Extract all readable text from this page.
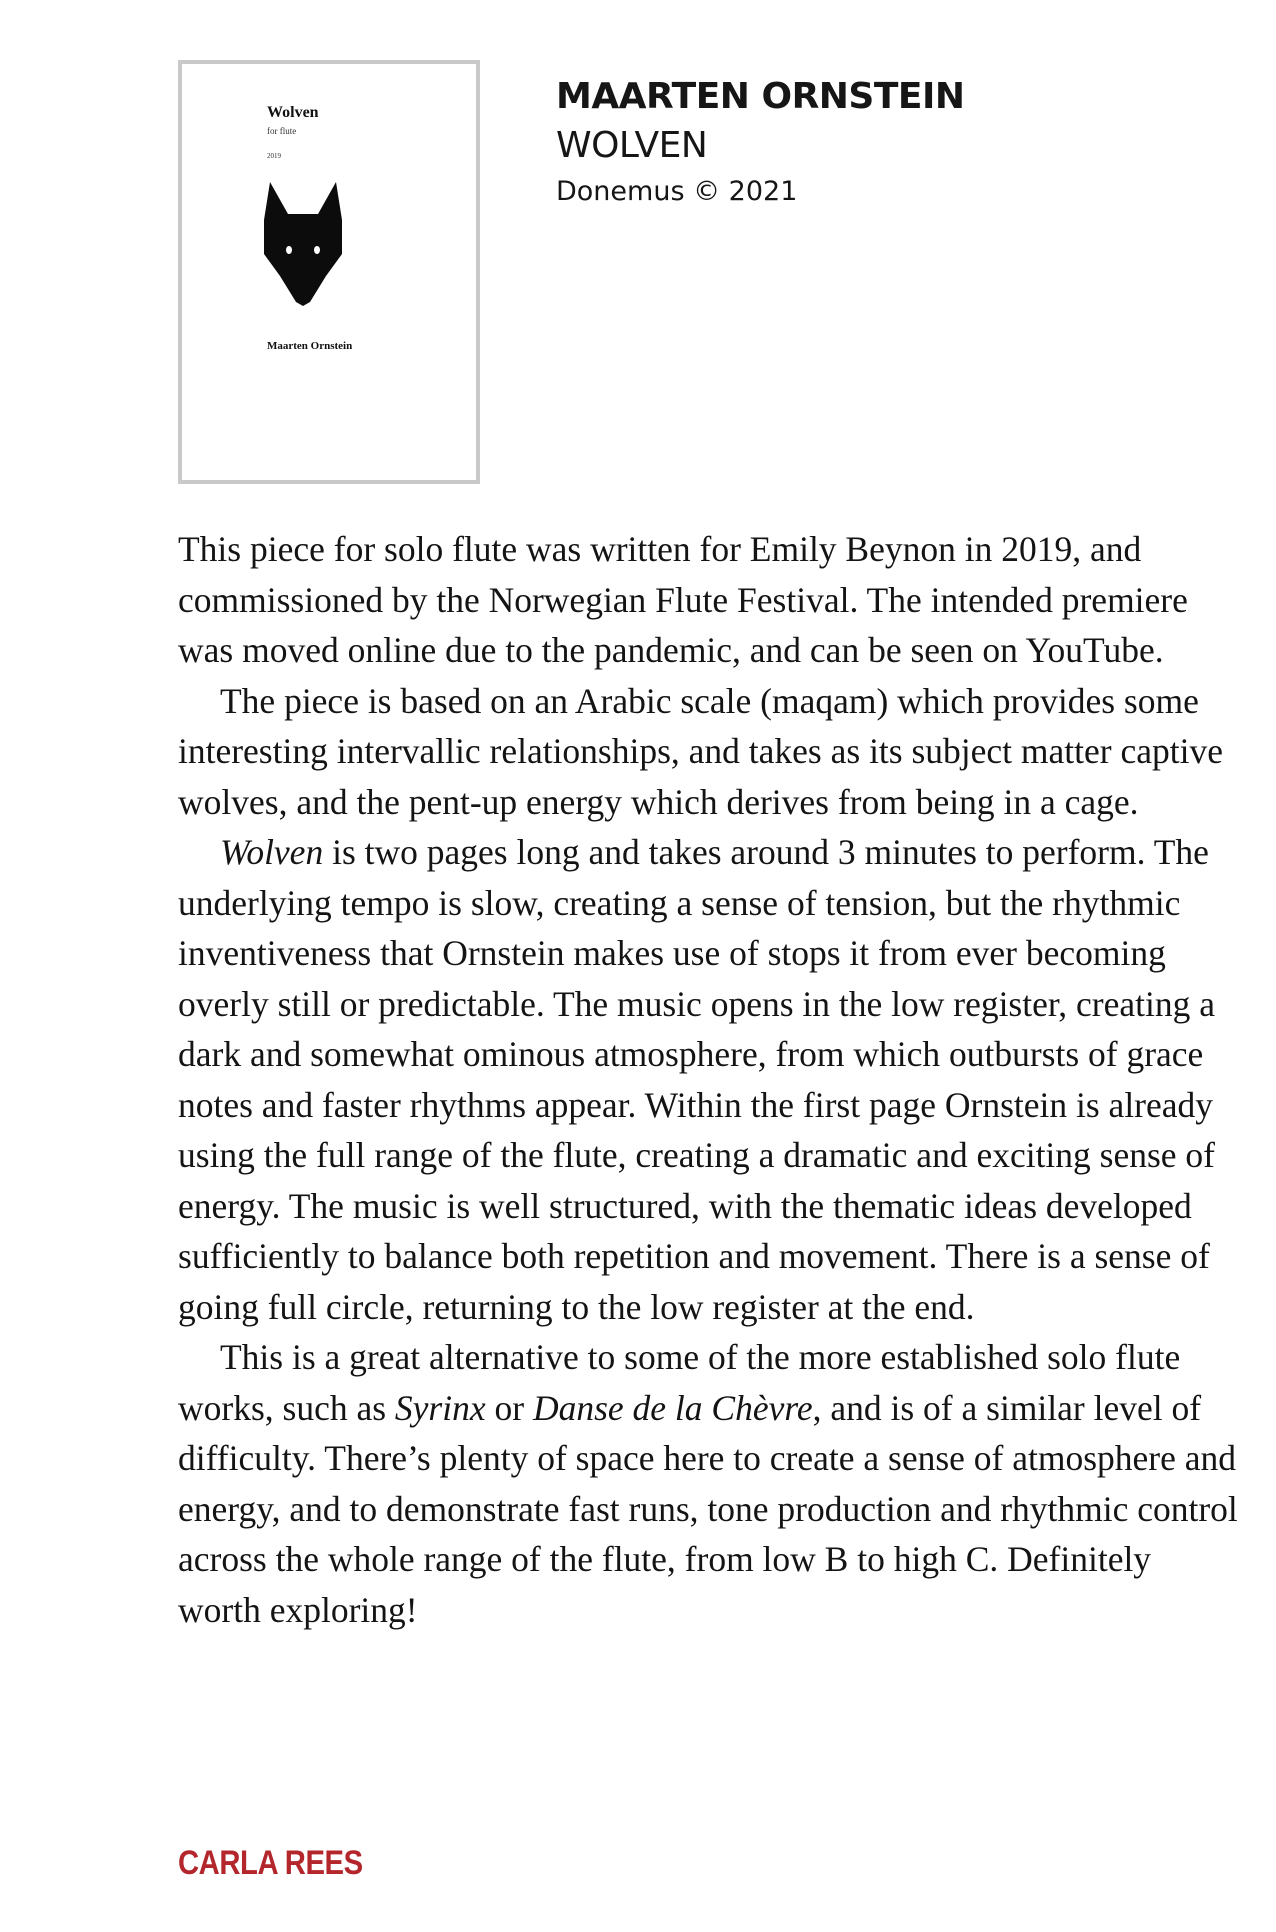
Wolven
for flute
2019
Maarten Ornstein
MAARTEN ORNSTEIN
WOLVEN
Donemus © 2021

This piece for solo flute was written for Emily Beynon in 2019, and commissioned by the Norwegian Flute Festival. The intended premiere was moved online due to the pandemic, and can be seen on YouTube.

The piece is based on an Arabic scale (maqam) which provides some interesting intervallic relationships, and takes as its subject matter captive wolves, and the pent-up energy which derives from being in a cage.

Wolven is two pages long and takes around 3 minutes to perform. The underlying tempo is slow, creating a sense of tension, but the rhythmic inventiveness that Ornstein makes use of stops it from ever becoming overly still or predictable. The music opens in the low register, creating a dark and somewhat ominous atmosphere, from which outbursts of grace notes and faster rhythms appear. Within the first page Ornstein is already using the full range of the flute, creating a dramatic and exciting sense of energy. The music is well structured, with the thematic ideas developed sufficiently to balance both repetition and movement. There is a sense of going full circle, returning to the low register at the end.

This is a great alternative to some of the more established solo flute works, such as Syrinx or Danse de la Chèvre, and is of a similar level of difficulty. There’s plenty of space here to create a sense of atmosphere and energy, and to demonstrate fast runs, tone production and rhythmic control across the whole range of the flute, from low B to high C. Definitely worth exploring!

CARLA REES
